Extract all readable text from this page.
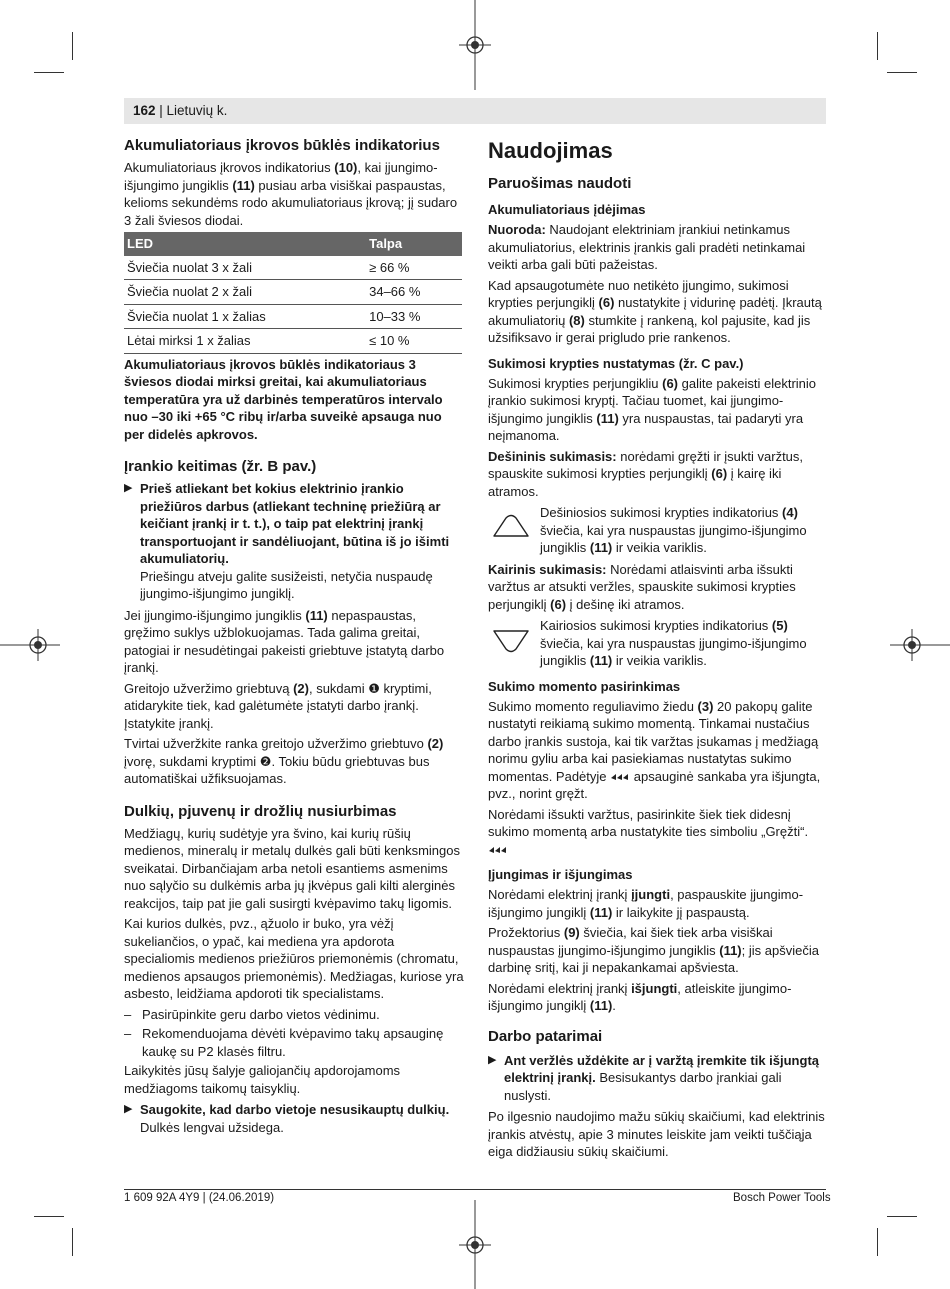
162 | Lietuvių k.
Akumuliatoriaus įkrovos būklės indikatorius

Akumuliatoriaus įkrovos indikatorius (10), kai įjungimo-išjungimo jungiklis (11) pusiau arba visiškai paspaustas, kelioms sekundėms rodo akumuliatoriaus įkrovą; jį sudaro 3 žali šviesos diodai.

LED	Talpa
Šviečia nuolat 3 x žali	≥ 66 %
Šviečia nuolat 2 x žali	34–66 %
Šviečia nuolat 1 x žalias	10–33 %
Lėtai mirksi 1 x žalias	≤ 10 %

Akumuliatoriaus įkrovos būklės indikatoriaus 3 šviesos diodai mirksi greitai, kai akumuliatoriaus temperatūra yra už darbinės temperatūros intervalo nuo –30 iki +65 °C ribų ir/arba suveikė apsauga nuo per didelės apkrovos.

Įrankio keitimas (žr. B pav.)
▶ Prieš atliekant bet kokius elektrinio įrankio priežiūros darbus (atliekant techninę priežiūrą ar keičiant įrankį ir t. t.), o taip pat elektrinį įrankį transportuojant ir sandėliuojant, būtina iš jo išimti akumuliatorių.
Priešingu atveju galite susižeisti, netyčia nuspaudę įjungimo-išjungimo jungiklį.

Jei įjungimo-išjungimo jungiklis (11) nepaspaustas, gręžimo suklys užblokuojamas. Tada galima greitai, patogiai ir nesudėtingai pakeisti griebtuve įstatytą darbo įrankį.

Greitojo užveržimo griebtuvą (2), sukdami ❶ kryptimi, atidarykite tiek, kad galėtumėte įstatyti darbo įrankį. Įstatykite įrankį.

Tvirtai užveržkite ranka greitojo užveržimo griebtuvo (2) įvorę, sukdami kryptimi ❷. Tokiu būdu griebtuvas bus automatiškai užfiksuojamas.

Dulkių, pjuvenų ir drožlių nusiurbimas

Medžiagų, kurių sudėtyje yra švino, kai kurių rūšių medienos, mineralų ir metalų dulkės gali būti kenksmingos sveikatai. Dirbančiajam arba netoli esantiems asmenims nuo sąlyčio su dulkėmis arba jų įkvėpus gali kilti alerginės reakcijos, taip pat jie gali susirgti kvėpavimo takų ligomis.

Kai kurios dulkės, pvz., ąžuolo ir buko, yra vėžį sukeliančios, o ypač, kai mediena yra apdorota specialiomis medienos priežiūros priemonėmis (chromatu, medienos apsaugos priemonėmis). Medžiagas, kuriose yra asbesto, leidžiama apdoroti tik specialistams.

– Pasirūpinkite geru darbo vietos vėdinimu.
– Rekomenduojama dėvėti kvėpavimo takų apsauginę kaukę su P2 klasės filtru.

Laikykitės jūsų šalyje galiojančių apdorojamoms medžiagoms taikomų taisyklių.

▶ Saugokite, kad darbo vietoje nesusikauptų dulkių. Dulkės lengvai užsidega.
Naudojimas
Paruošimas naudoti
Akumuliatoriaus įdėjimas

Nuoroda: Naudojant elektriniam įrankiui netinkamus akumuliatorius, elektrinis įrankis gali pradėti netinkamai veikti arba gali būti pažeistas.

Kad apsaugotumėte nuo netikėto įjungimo, sukimosi krypties perjungiklį (6) nustatykite į vidurinę padėtį. Įkrautą akumuliatorių (8) stumkite į rankeną, kol pajusite, kad jis užsifiksavo ir gerai prigludo prie rankenos.

Sukimosi krypties nustatymas (žr. C pav.)

Sukimosi krypties perjungikliu (6) galite pakeisti elektrinio įrankio sukimosi kryptį. Tačiau tuomet, kai įjungimo-išjungimo jungiklis (11) yra nuspaustas, tai padaryti yra neįmanoma.

Dešininis sukimasis: norėdami gręžti ir įsukti varžtus, spauskite sukimosi krypties perjungiklį (6) į kairę iki atramos.

Dešiniosios sukimosi krypties indikatorius (4) šviečia, kai yra nuspaustas įjungimo-išjungimo jungiklis (11) ir veikia variklis.

Kairinis sukimasis: Norėdami atlaisvinti arba išsukti varžtus ar atsukti veržles, spauskite sukimosi krypties perjungiklį (6) į dešinę iki atramos.

Kairiosios sukimosi krypties indikatorius (5) šviečia, kai yra nuspaustas įjungimo-išjungimo jungiklis (11) ir veikia variklis.

Sukimo momento pasirinkimas

Sukimo momento reguliavimo žiedu (3) 20 pakopų galite nustatyti reikiamą sukimo momentą. Tinkamai nustačius darbo įrankis sustoja, kai tik varžtas įsukamas į medžiagą norimu gyliu arba kai pasiekiamas nustatytas sukimo momentas. Padėtyje  apsauginė sankaba yra išjungta, pvz., norint gręžt.

Norėdami išsukti varžtus, pasirinkite šiek tiek didesnį sukimo momentą arba nustatykite ties simboliu „Gręžti“.

Įjungimas ir išjungimas

Norėdami elektrinį įrankį įjungti, paspauskite įjungimo-išjungimo jungiklį (11) ir laikykite jį paspaustą.

Prožektorius (9) šviečia, kai šiek tiek arba visiškai nuspaustas įjungimo-išjungimo jungiklis (11); jis apšviečia darbinę sritį, kai ji nepakankamai apšviesta.

Norėdami elektrinį įrankį išjungti, atleiskite įjungimo-išjungimo jungiklį (11).

Darbo patarimai
▶ Ant veržlės uždėkite ar į varžtą įremkite tik išjungtą elektrinį įrankį. Besisukantys darbo įrankiai gali nuslysti.

Po ilgesnio naudojimo mažu sūkių skaičiumi, kad elektrinis įrankis atvėstų, apie 3 minutes leiskite jam veikti tuščiąja eiga didžiausiu sūkių skaičiumi.

1 609 92A 4Y9 | (24.06.2019)	Bosch Power Tools
